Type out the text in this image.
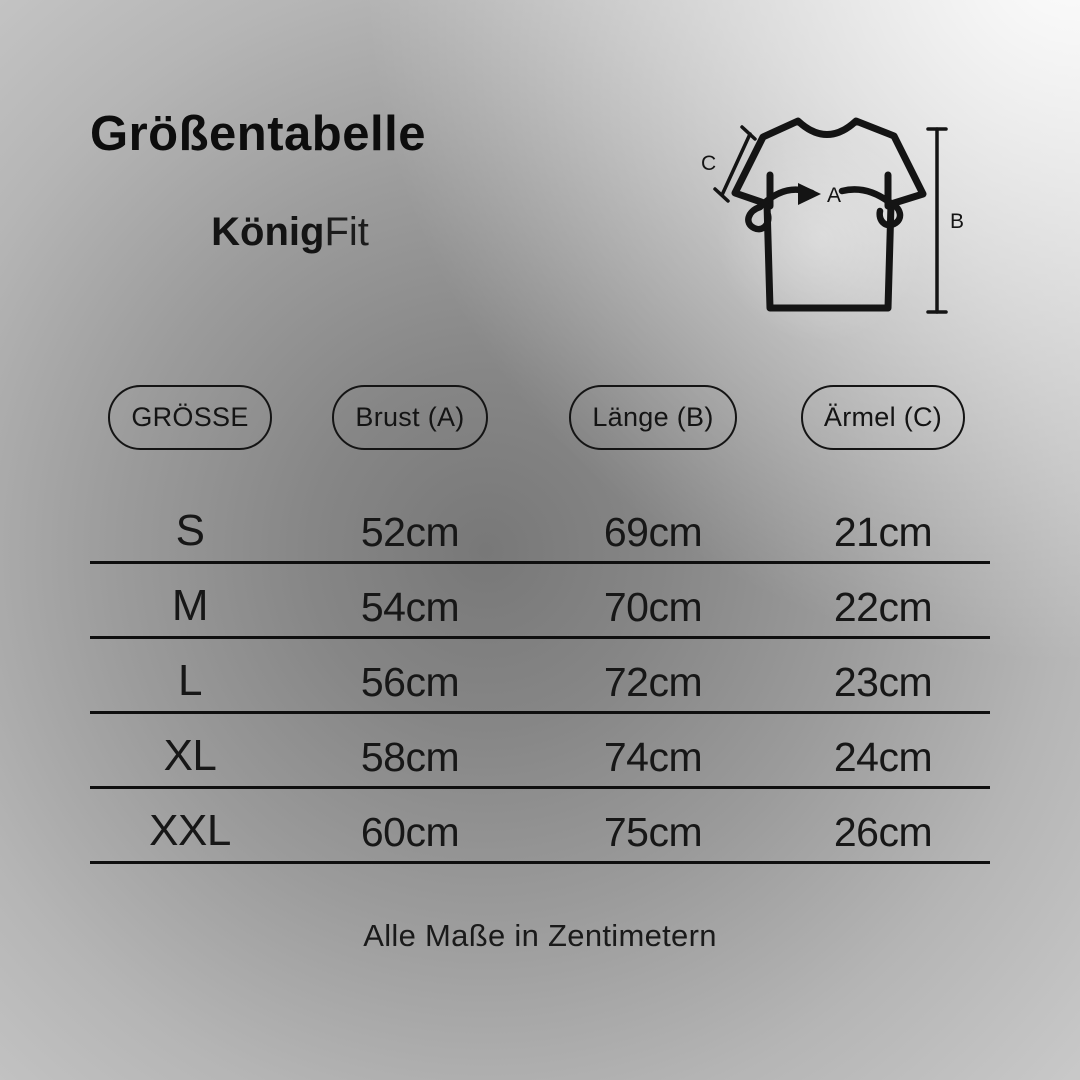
Größentabelle
KönigFit
A
B
C
GRÖSSE	Brust (A)	Länge (B)	Ärmel (C)
S	52cm	69cm	21cm
M	54cm	70cm	22cm
L	56cm	72cm	23cm
XL	58cm	74cm	24cm
XXL	60cm	75cm	26cm
Alle Maße in Zentimetern
